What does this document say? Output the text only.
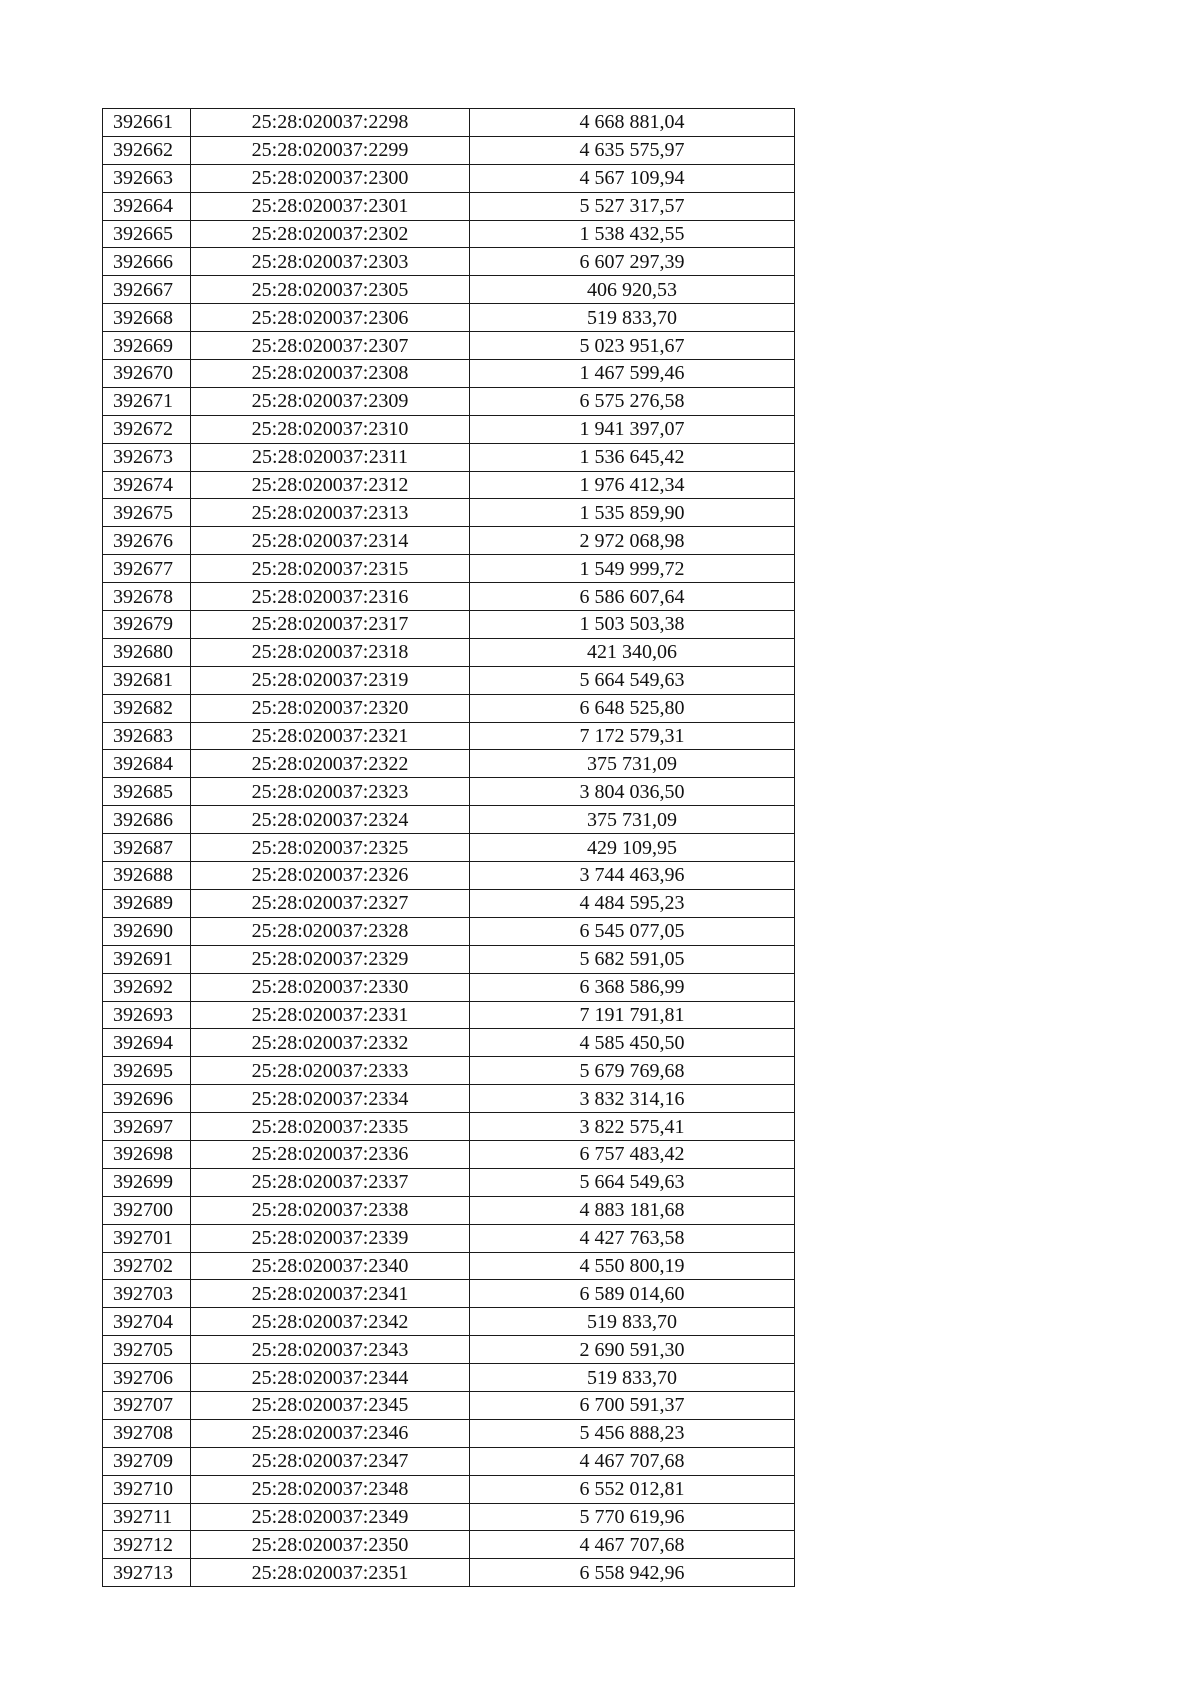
392661	25:28:020037:2298	4 668 881,04
392662	25:28:020037:2299	4 635 575,97
392663	25:28:020037:2300	4 567 109,94
392664	25:28:020037:2301	5 527 317,57
392665	25:28:020037:2302	1 538 432,55
392666	25:28:020037:2303	6 607 297,39
392667	25:28:020037:2305	406 920,53
392668	25:28:020037:2306	519 833,70
392669	25:28:020037:2307	5 023 951,67
392670	25:28:020037:2308	1 467 599,46
392671	25:28:020037:2309	6 575 276,58
392672	25:28:020037:2310	1 941 397,07
392673	25:28:020037:2311	1 536 645,42
392674	25:28:020037:2312	1 976 412,34
392675	25:28:020037:2313	1 535 859,90
392676	25:28:020037:2314	2 972 068,98
392677	25:28:020037:2315	1 549 999,72
392678	25:28:020037:2316	6 586 607,64
392679	25:28:020037:2317	1 503 503,38
392680	25:28:020037:2318	421 340,06
392681	25:28:020037:2319	5 664 549,63
392682	25:28:020037:2320	6 648 525,80
392683	25:28:020037:2321	7 172 579,31
392684	25:28:020037:2322	375 731,09
392685	25:28:020037:2323	3 804 036,50
392686	25:28:020037:2324	375 731,09
392687	25:28:020037:2325	429 109,95
392688	25:28:020037:2326	3 744 463,96
392689	25:28:020037:2327	4 484 595,23
392690	25:28:020037:2328	6 545 077,05
392691	25:28:020037:2329	5 682 591,05
392692	25:28:020037:2330	6 368 586,99
392693	25:28:020037:2331	7 191 791,81
392694	25:28:020037:2332	4 585 450,50
392695	25:28:020037:2333	5 679 769,68
392696	25:28:020037:2334	3 832 314,16
392697	25:28:020037:2335	3 822 575,41
392698	25:28:020037:2336	6 757 483,42
392699	25:28:020037:2337	5 664 549,63
392700	25:28:020037:2338	4 883 181,68
392701	25:28:020037:2339	4 427 763,58
392702	25:28:020037:2340	4 550 800,19
392703	25:28:020037:2341	6 589 014,60
392704	25:28:020037:2342	519 833,70
392705	25:28:020037:2343	2 690 591,30
392706	25:28:020037:2344	519 833,70
392707	25:28:020037:2345	6 700 591,37
392708	25:28:020037:2346	5 456 888,23
392709	25:28:020037:2347	4 467 707,68
392710	25:28:020037:2348	6 552 012,81
392711	25:28:020037:2349	5 770 619,96
392712	25:28:020037:2350	4 467 707,68
392713	25:28:020037:2351	6 558 942,96
